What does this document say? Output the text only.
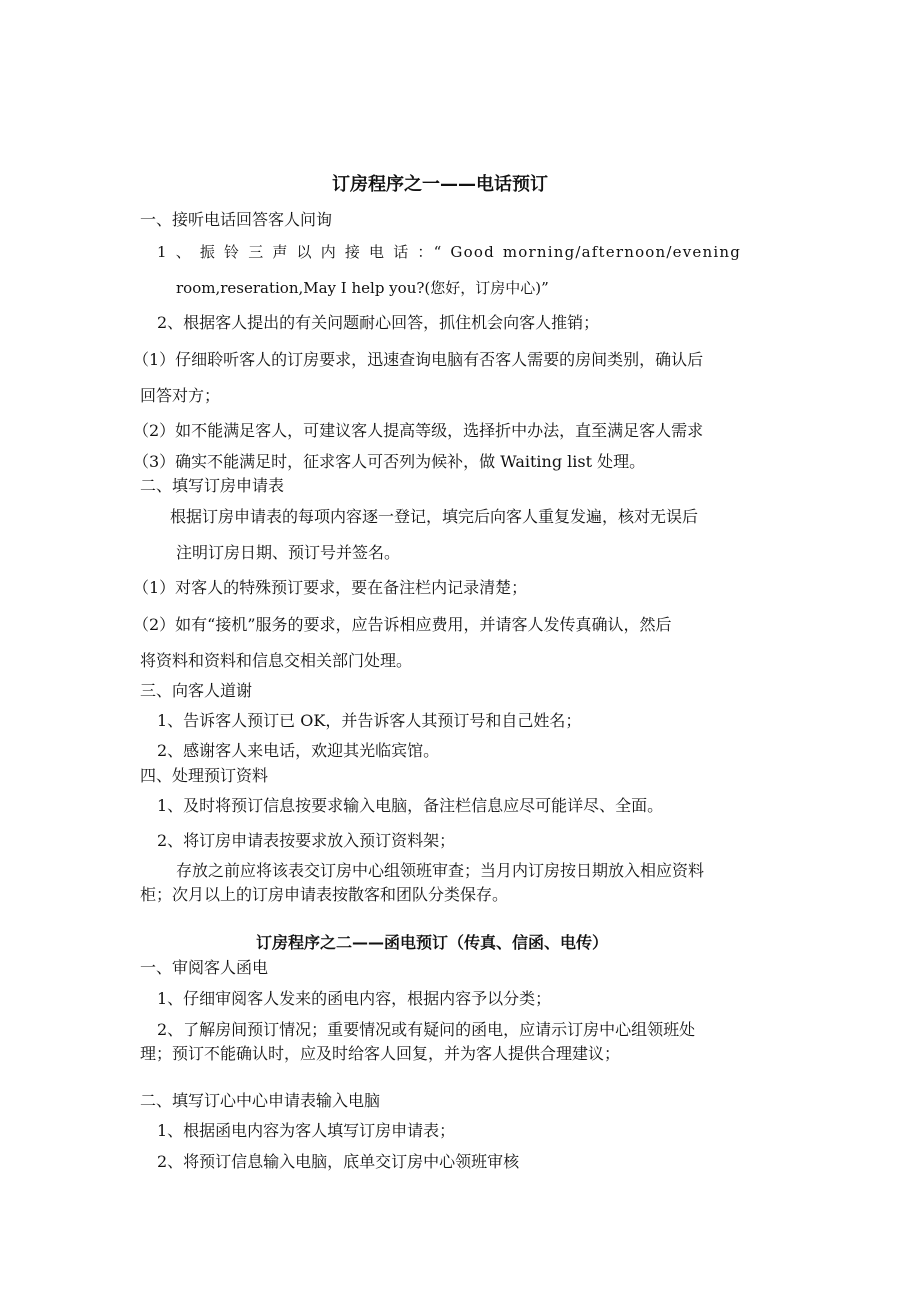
订房程序之一——电话预订
一、接听电话回答客人问询
1 、 振 铃 三 声 以 内 接 电 话 ：“ Good morning/afternoon/evening
room,reseration,May I help you?(您好，订房中心)”
2、根据客人提出的有关问题耐心回答，抓住机会向客人推销；
（1）仔细聆听客人的订房要求，迅速查询电脑有否客人需要的房间类别，确认后
回答对方；
（2）如不能满足客人，可建议客人提高等级，选择折中办法，直至满足客人需求
（3）确实不能满足时，征求客人可否列为候补，做 Waiting list 处理。
二、填写订房申请表
根据订房申请表的每项内容逐一登记，填完后向客人重复发遍，核对无误后
注明订房日期、预订号并签名。
（1）对客人的特殊预订要求，要在备注栏内记录清楚；
（2）如有“接机”服务的要求，应告诉相应费用，并请客人发传真确认，然后
将资料和资料和信息交相关部门处理。
三、向客人道谢
1、告诉客人预订已 OK，并告诉客人其预订号和自己姓名；
2、感谢客人来电话，欢迎其光临宾馆。
四、处理预订资料
1、及时将预订信息按要求输入电脑，备注栏信息应尽可能详尽、全面。
2、将订房申请表按要求放入预订资料架；
存放之前应将该表交订房中心组领班审查；当月内订房按日期放入相应资料
柜；次月以上的订房申请表按散客和团队分类保存。
订房程序之二——函电预订（传真、信函、电传）
一、审阅客人函电
1、仔细审阅客人发来的函电内容，根据内容予以分类；
2、了解房间预订情况；重要情况或有疑问的函电，应请示订房中心组领班处
理；预订不能确认时，应及时给客人回复，并为客人提供合理建议；
二、填写订心中心申请表输入电脑
1、根据函电内容为客人填写订房申请表；
2、将预订信息输入电脑，底单交订房中心领班审核
